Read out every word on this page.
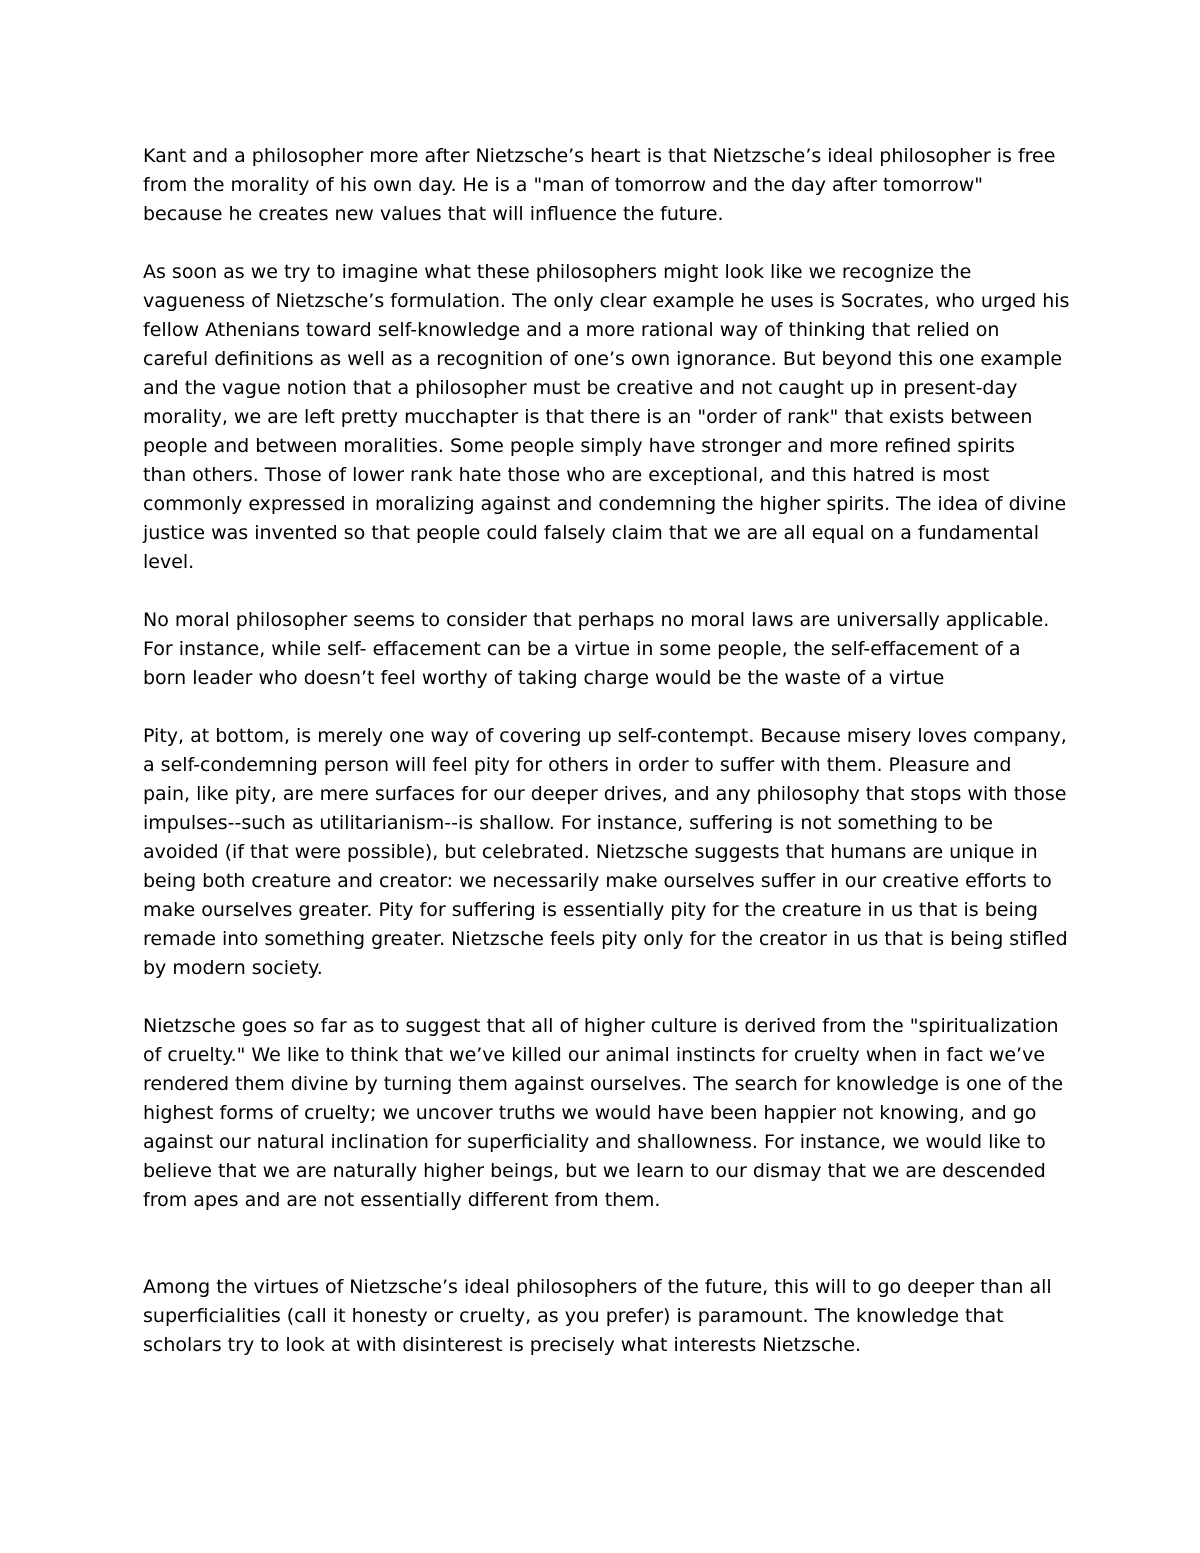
Kant and a philosopher more after Nietzsche’s heart is that Nietzsche’s ideal philosopher is free
from the morality of his own day. He is a "man of tomorrow and the day after tomorrow"
because he creates new values that will influence the future.

As soon as we try to imagine what these philosophers might look like we recognize the
vagueness of Nietzsche’s formulation. The only clear example he uses is Socrates, who urged his
fellow Athenians toward self-knowledge and a more rational way of thinking that relied on
careful definitions as well as a recognition of one’s own ignorance. But beyond this one example
and the vague notion that a philosopher must be creative and not caught up in present-day
morality, we are left pretty mucchapter is that there is an "order of rank" that exists between
people and between moralities. Some people simply have stronger and more refined spirits
than others. Those of lower rank hate those who are exceptional, and this hatred is most
commonly expressed in moralizing against and condemning the higher spirits. The idea of divine
justice was invented so that people could falsely claim that we are all equal on a fundamental
level.

No moral philosopher seems to consider that perhaps no moral laws are universally applicable.
For instance, while self- effacement can be a virtue in some people, the self-effacement of a
born leader who doesn’t feel worthy of taking charge would be the waste of a virtue

Pity, at bottom, is merely one way of covering up self-contempt. Because misery loves company,
a self-condemning person will feel pity for others in order to suffer with them. Pleasure and
pain, like pity, are mere surfaces for our deeper drives, and any philosophy that stops with those
impulses--such as utilitarianism--is shallow. For instance, suffering is not something to be
avoided (if that were possible), but celebrated. Nietzsche suggests that humans are unique in
being both creature and creator: we necessarily make ourselves suffer in our creative efforts to
make ourselves greater. Pity for suffering is essentially pity for the creature in us that is being
remade into something greater. Nietzsche feels pity only for the creator in us that is being stifled
by modern society.

Nietzsche goes so far as to suggest that all of higher culture is derived from the "spiritualization
of cruelty." We like to think that we’ve killed our animal instincts for cruelty when in fact we’ve
rendered them divine by turning them against ourselves. The search for knowledge is one of the
highest forms of cruelty; we uncover truths we would have been happier not knowing, and go
against our natural inclination for superficiality and shallowness. For instance, we would like to
believe that we are naturally higher beings, but we learn to our dismay that we are descended
from apes and are not essentially different from them.

Among the virtues of Nietzsche’s ideal philosophers of the future, this will to go deeper than all
superficialities (call it honesty or cruelty, as you prefer) is paramount. The knowledge that
scholars try to look at with disinterest is precisely what interests Nietzsche.
